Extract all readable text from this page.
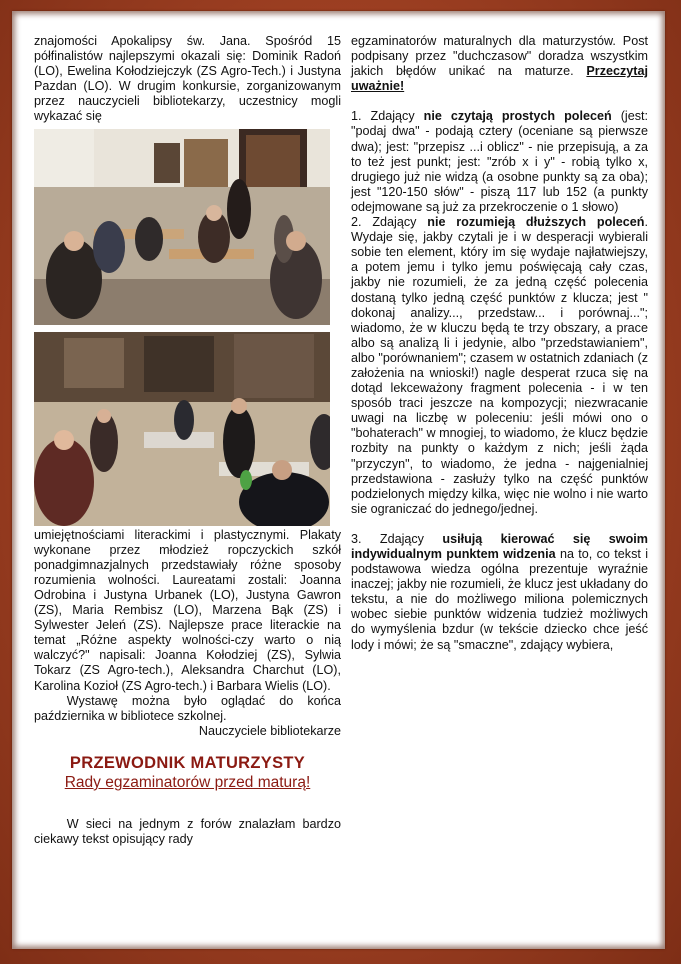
znajomości Apokalipsy św. Jana. Spośród 15 półfinalistów najlepszymi okazali się: Dominik Radoń (LO), Ewelina Kołodziejczyk (ZS Agro-Tech.) i Justyna Pazdan (LO). W drugim konkursie, zorganizowanym przez nauczycieli bibliotekarzy, uczestnicy mogli wykazać się

umiejętnościami literackimi i plastycznymi. Plakaty wykonane przez młodzież ropczyckich szkół ponadgimnazjalnych przedstawiały różne sposoby rozumienia wolności. Laureatami zostali: Joanna Odrobina i Justyna Urbanek (LO), Justyna Gawron (ZS), Maria Rembisz (LO), Marzena Bąk (ZS) i Sylwester Jeleń (ZS). Najlepsze prace literackie na temat „Różne aspekty wolności-czy warto o nią walczyć?" napisali: Joanna Kołodziej (ZS), Sylwia Tokarz (ZS Agro-tech.), Aleksandra Charchut (LO), Karolina Kozioł (ZS Agro-tech.) i Barbara Wielis (LO).

Wystawę można było oglądać do końca października w bibliotece szkolnej.

Nauczyciele bibliotekarze

PRZEWODNIK MATURZYSTY
Rady egzaminatorów przed maturą!

W sieci na jednym z forów znalazłam bardzo ciekawy tekst opisujący rady

egzaminatorów maturalnych dla maturzystów. Post podpisany przez "duchczasow" doradza wszystkim jakich błędów unikać na maturze. Przeczytaj uważnie!

1. Zdający nie czytają prostych poleceń (jest: "podaj dwa" - podają cztery (oceniane są pierwsze dwa); jest: "przepisz ...i oblicz" - nie przepisują, a za to też jest punkt; jest: "zrób x i y" - robią tylko x, drugiego już nie widzą (a osobne punkty są za oba); jest "120-150 słów" - piszą 117 lub 152 (a punkty odejmowane są już za przekroczenie o 1 słowo)

2. Zdający nie rozumieją dłuższych poleceń. Wydaje się, jakby czytali je i w desperacji wybierali sobie ten element, który im się wydaje najłatwiejszy, a potem jemu i tylko jemu poświęcają cały czas, jakby nie rozumieli, że za jedną część polecenia dostaną tylko jedną część punktów z klucza; jest " dokonaj analizy..., przedstaw... i porównaj..."; wiadomo, że w kluczu będą te trzy obszary, a prace albo są analizą li i jedynie, albo "przedstawianiem", albo "porównaniem"; czasem w ostatnich zdaniach (z założenia na wnioski!) nagle desperat rzuca się na dotąd lekceważony fragment polecenia - i w ten sposób traci jeszcze na kompozycji; niezwracanie uwagi na liczbę w poleceniu: jeśli mówi ono o "bohaterach" w mnogiej, to wiadomo, że klucz będzie rozbity na punkty o każdym z nich; jeśli żąda "przyczyn", to wiadomo, że jedna - najgenialniej przedstawiona - zasłuży tylko na część punktów podzielonych między kilka, więc nie wolno i nie warto sie ograniczać do jednego/jednej.

3. Zdający usiłują kierować się swoim indywidualnym punktem widzenia na to, co tekst i podstawowa wiedza ogólna prezentuje wyraźnie inaczej; jakby nie rozumieli, że klucz jest układany do tekstu, a nie do możliwego miliona polemicznych wobec siebie punktów widzenia tudzież możliwych do wymyślenia bzdur (w tekście dziecko chce jeść lody i mówi; że są "smaczne", zdający wybiera,
